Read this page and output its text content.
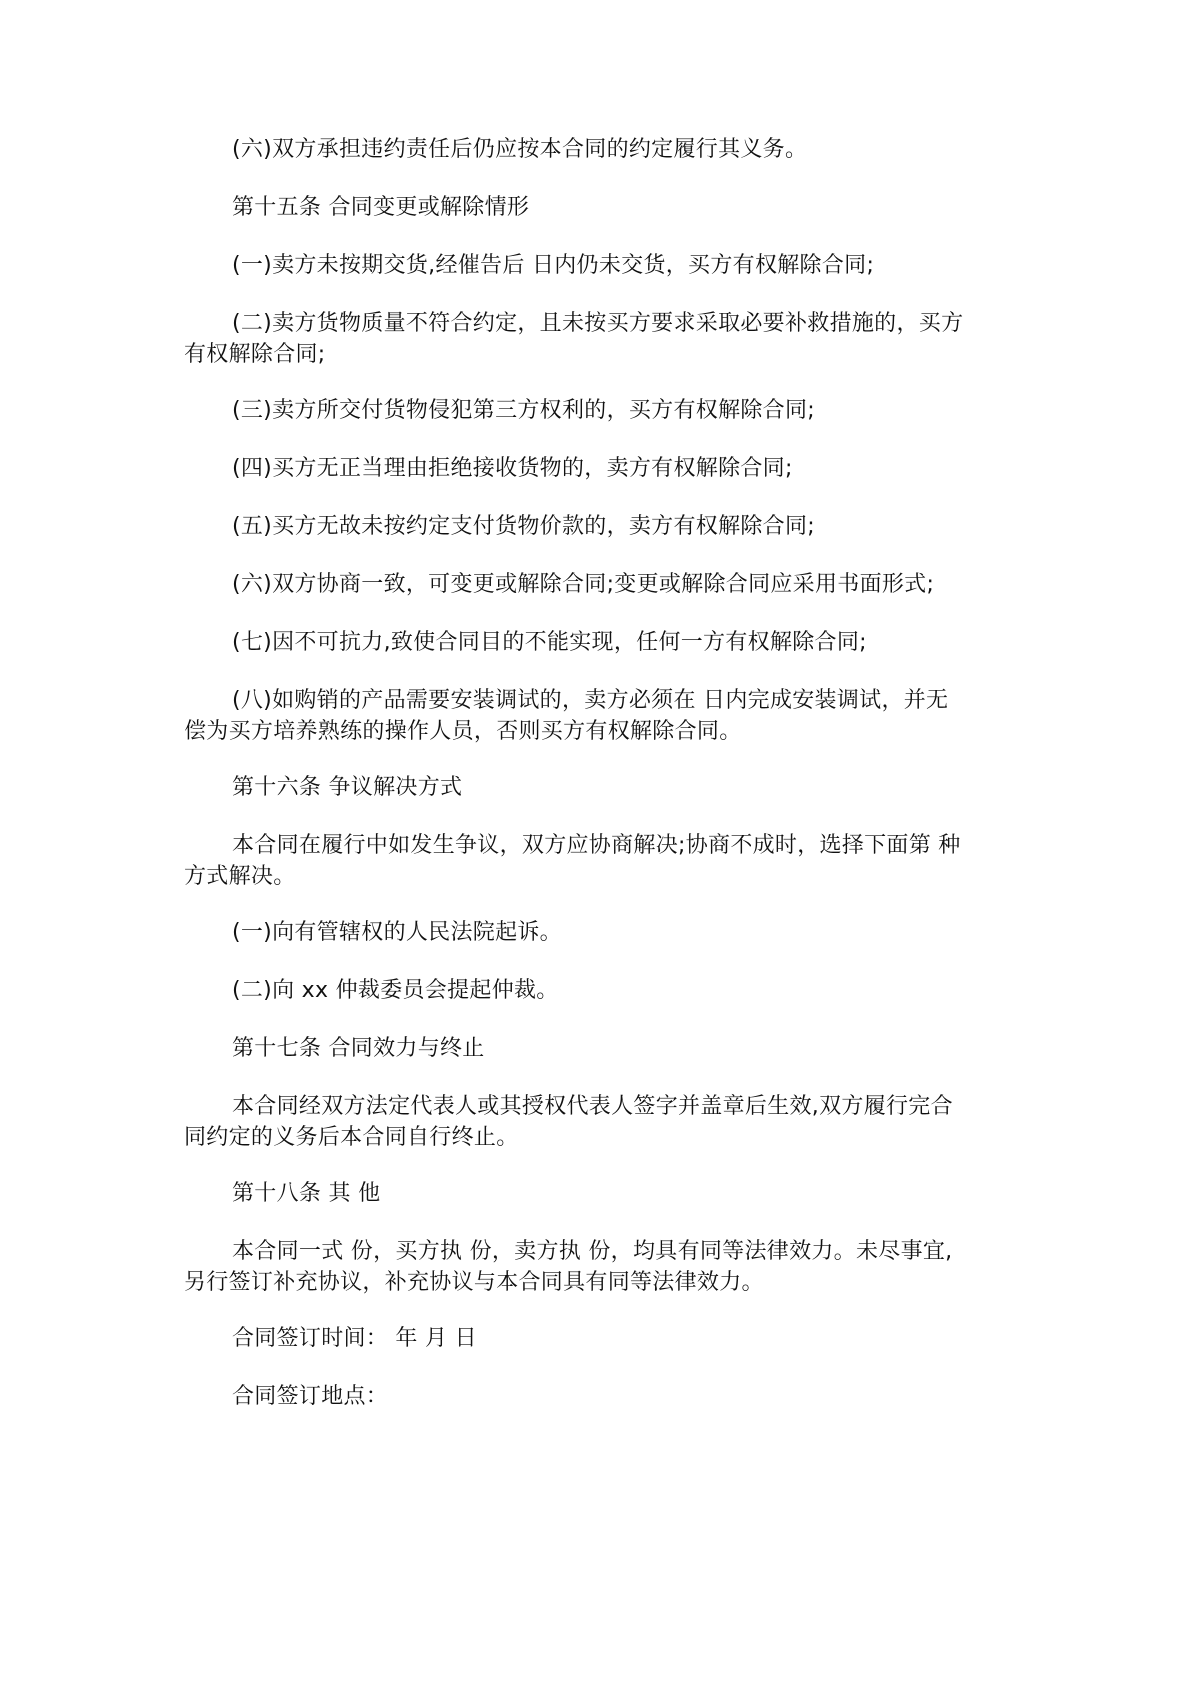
(六)双方承担违约责任后仍应按本合同的约定履行其义务。
第十五条 合同变更或解除情形
(一)卖方未按期交货,经催告后 日内仍未交货，买方有权解除合同;
(二)卖方货物质量不符合约定，且未按买方要求采取必要补救措施的，买方
有权解除合同;
(三)卖方所交付货物侵犯第三方权利的，买方有权解除合同;
(四)买方无正当理由拒绝接收货物的，卖方有权解除合同;
(五)买方无故未按约定支付货物价款的，卖方有权解除合同;
(六)双方协商一致，可变更或解除合同;变更或解除合同应采用书面形式;
(七)因不可抗力,致使合同目的不能实现，任何一方有权解除合同;
(八)如购销的产品需要安装调试的，卖方必须在 日内完成安装调试，并无
偿为买方培养熟练的操作人员，否则买方有权解除合同。
第十六条 争议解决方式
本合同在履行中如发生争议，双方应协商解决;协商不成时，选择下面第 种
方式解决。
(一)向有管辖权的人民法院起诉。
(二)向 xx 仲裁委员会提起仲裁。
第十七条 合同效力与终止
本合同经双方法定代表人或其授权代表人签字并盖章后生效,双方履行完合
同约定的义务后本合同自行终止。
第十八条 其 他
本合同一式 份，买方执 份，卖方执 份，均具有同等法律效力。未尽事宜,
另行签订补充协议，补充协议与本合同具有同等法律效力。
合同签订时间： 年 月 日
合同签订地点：
